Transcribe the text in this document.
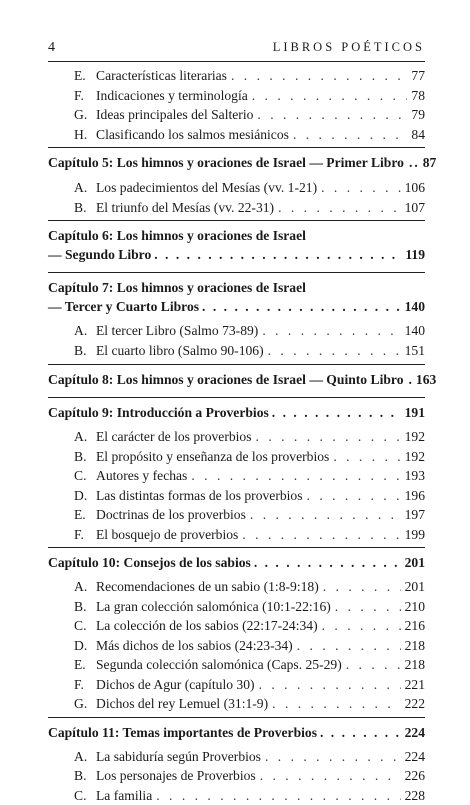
4	LIBROS POÉTICOS
E. Características literarias . . .	77
F. Indicaciones y terminología . . .	78
G. Ideas principales del Salterio . . .	79
H. Clasificando los salmos mesiánicos . . .	84
Capítulo 5: Los himnos y oraciones de Israel — Primer Libro .. 87
A. Los padecimientos del Mesías (vv. 1-21) . . .	106
B. El triunfo del Mesías (vv. 22-31) . . .	107
Capítulo 6: Los himnos y oraciones de Israel
— Segundo Libro . . .	119
Capítulo 7: Los himnos y oraciones de Israel
— Tercer y Cuarto Libros . . .	140
A. El tercer Libro (Salmo 73-89) . . .	140
B. El cuarto libro (Salmo 90-106) . . .	151
Capítulo 8: Los himnos y oraciones de Israel — Quinto Libro . 163
Capítulo 9: Introducción a Proverbios . . .	191
A. El carácter de los proverbios . . .	192
B. El propósito y enseñanza de los proverbios . . .	192
C. Autores y fechas . . .	193
D. Las distintas formas de los proverbios . . .	196
E. Doctrinas de los proverbios . . .	197
F. El bosquejo de proverbios . . .	199
Capítulo 10: Consejos de los sabios . . .	201
A. Recomendaciones de un sabio (1:8-9:18) . . .	201
B. La gran colección salomónica (10:1-22:16) . . .	210
C. La colección de los sabios (22:17-24:34) . . .	216
D. Más dichos de los sabios (24:23-34) . . .	218
E. Segunda colección salomónica (Caps. 25-29) . . .	218
F. Dichos de Agur (capítulo 30) . . .	221
G. Dichos del rey Lemuel (31:1-9) . . .	222
Capítulo 11: Temas importantes de Proverbios . . .	224
A. La sabiduría según Proverbios . . .	224
B. Los personajes de Proverbios . . .	226
C. La familia . . .	228
